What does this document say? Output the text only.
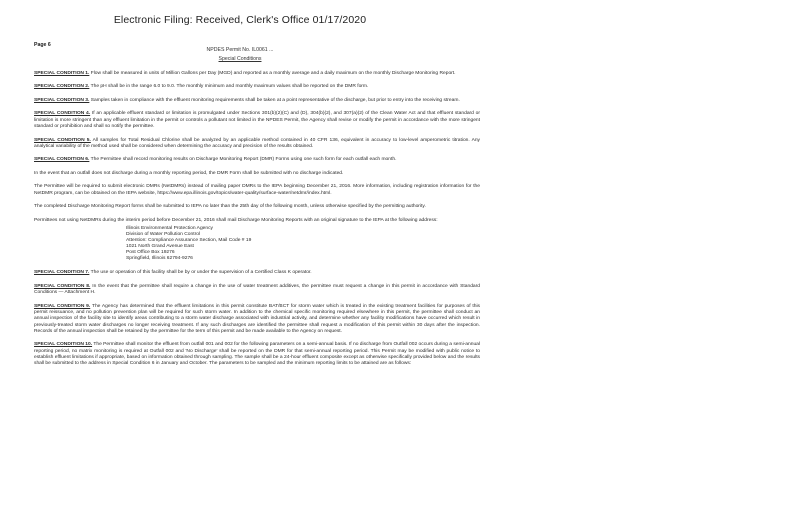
Electronic Filing: Received, Clerk's Office 01/17/2020
Page 6
NPDES Permit No. IL0061 ...
Special Conditions

SPECIAL CONDITION 1. Flow shall be measured in units of Million Gallons per Day (MGD) and reported as a monthly average and a daily maximum on the monthly Discharge Monitoring Report.

SPECIAL CONDITION 2. The pH shall be in the range 6.0 to 9.0. The monthly minimum and monthly maximum values shall be reported on the DMR form.

SPECIAL CONDITION 3. Samples taken in compliance with the effluent monitoring requirements shall be taken at a point representative of the discharge, but prior to entry into the receiving stream.

SPECIAL CONDITION 4. If an applicable effluent standard or limitation is promulgated under Sections 301(b)(2)(C) and (D), 304(b)(2), and 307(a)(2) of the Clean Water Act and that effluent standard or limitation is more stringent than any effluent limitation in the permit or controls a pollutant not limited in the NPDES Permit, the Agency shall revise or modify the permit in accordance with the more stringent standard or prohibition and shall so notify the permittee.

SPECIAL CONDITION 5. All samples for Total Residual Chlorine shall be analyzed by an applicable method contained in 40 CFR 136, equivalent in accuracy to low-level amperometric titration. Any analytical variability of the method used shall be considered when determining the accuracy and precision of the results obtained.

SPECIAL CONDITION 6. The Permittee shall record monitoring results on Discharge Monitoring Report (DMR) Forms using one such form for each outfall each month.

In the event that an outfall does not discharge during a monthly reporting period, the DMR Form shall be submitted with no discharge indicated.

The Permittee will be required to submit electronic DMRs (NetDMRs) instead of mailing paper DMRs to the IEPA beginning December 21, 2016. More information, including registration information for the NetDMR program, can be obtained on the IEPA website, https://www.epa.illinois.gov/topics/water-quality/surface-water/netdmr/index.html.

The completed Discharge Monitoring Report forms shall be submitted to IEPA no later than the 25th day of the following month, unless otherwise specified by the permitting authority.

Permittees not using NetDMRs during the interim period before December 21, 2016 shall mail Discharge Monitoring Reports with an original signature to the IEPA at the following address:

Illinois Environmental Protection Agency
Division of Water Pollution Control
Attention: Compliance Assurance Section, Mail Code # 19
1021 North Grand Avenue East
Post Office Box 19276
Springfield, Illinois 62794-9276

SPECIAL CONDITION 7. The use or operation of this facility shall be by or under the supervision of a Certified Class K operator.

SPECIAL CONDITION 8. In the event that the permittee shall require a change in the use of water treatment additives, the permittee must request a change in this permit in accordance with Standard Conditions — Attachment H.

SPECIAL CONDITION 9. The Agency has determined that the effluent limitations in this permit constitute BAT/BCT for storm water which is treated in the existing treatment facilities for purposes of this permit reissuance, and no pollution prevention plan will be required for such storm water. In addition to the chemical specific monitoring required elsewhere in this permit, the permittee shall conduct an annual inspection of the facility site to identify areas contributing to a storm water discharge associated with industrial activity, and determine whether any facility modifications have occurred which result in previously-treated storm water discharges no longer receiving treatment. If any such discharges are identified the permittee shall request a modification of this permit within 30 days after the inspection. Records of the annual inspection shall be retained by the permittee for the term of this permit and be made available to the Agency on request.

SPECIAL CONDITION 10. The Permittee shall monitor the effluent from outfall 001 and 002 for the following parameters on a semi-annual basis. If no discharge from Outfall 002 occurs during a semi-annual reporting period, no matrix monitoring is required at Outfall 002 and 'No Discharge' shall be reported on the DMR for that semi-annual reporting period. This Permit may be modified with public notice to establish effluent limitations if appropriate, based on information obtained through sampling. The sample shall be a 24-hour effluent composite except as otherwise specifically provided below and the results shall be submitted to the address in Special Condition 6 in January and October. The parameters to be sampled and the minimum reporting limits to be attained are as follows:
